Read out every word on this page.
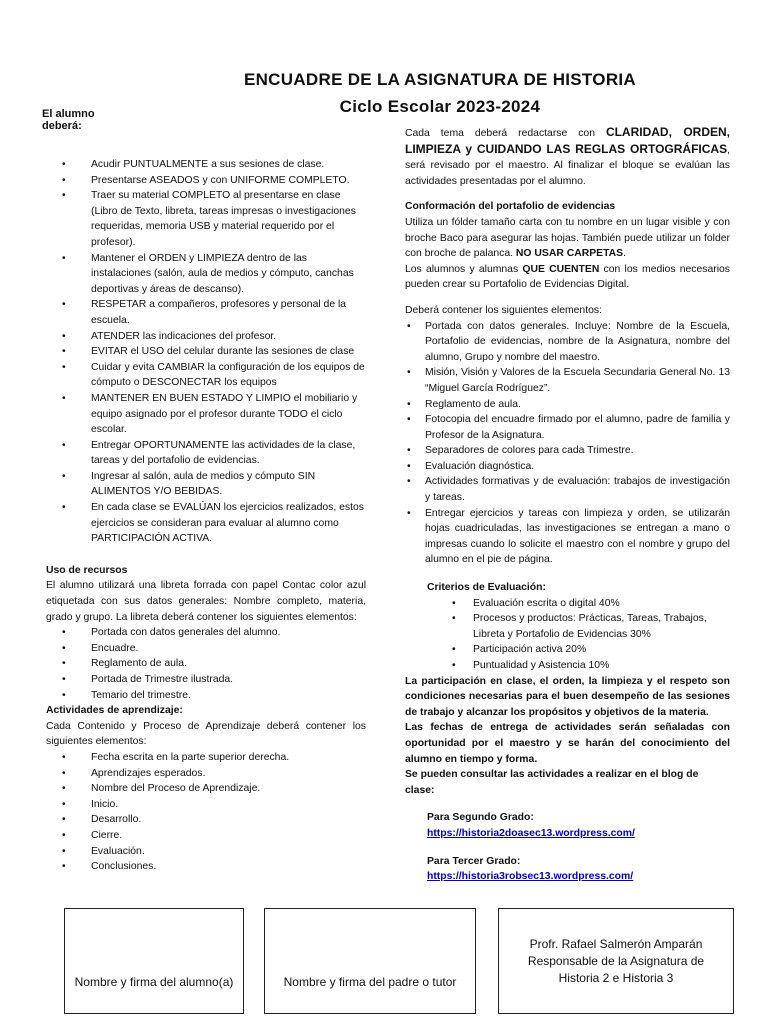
ENCUADRE DE LA ASIGNATURA DE HISTORIA
Ciclo Escolar 2023-2024
El alumno deberá:
• Acudir PUNTUALMENTE a sus sesiones de clase.
• Presentarse ASEADOS y con UNIFORME COMPLETO.
• Traer su material COMPLETO al presentarse en clase (Libro de Texto, libreta, tareas impresas o investigaciones requeridas, memoria USB y material requerido por el profesor).
• Mantener el ORDEN y LIMPIEZA dentro de las instalaciones (salón, aula de medios y cómputo, canchas deportivas y áreas de descanso).
• RESPETAR a compañeros, profesores y personal de la escuela.
• ATENDER las indicaciones del profesor.
• EVITAR el USO del celular durante las sesiones de clase
• Cuidar y evita CAMBIAR la configuración de los equipos de cómputo o DESCONECTAR los equipos
• MANTENER EN BUEN ESTADO Y LIMPIO el mobiliario y equipo asignado por el profesor durante TODO el ciclo escolar.
• Entregar OPORTUNAMENTE las actividades de la clase, tareas y del portafolio de evidencias.
• Ingresar al salón, aula de medios y cómputo SIN ALIMENTOS Y/O BEBIDAS.
• En cada clase se EVALÚAN los ejercicios realizados, estos ejercicios se consideran para evaluar al alumno como PARTICIPACIÓN ACTIVA.
Uso de recursos
El alumno utilizará una libreta forrada con papel Contac color azul etiquetada con sus datos generales: Nombre completo, materia, grado y grupo. La libreta deberá contener los siguientes elementos:
• Portada con datos generales del alumno.
• Encuadre.
• Reglamento de aula.
• Portada de Trimestre ilustrada.
• Temario del trimestre.
Actividades de aprendizaje:
Cada Contenido y Proceso de Aprendizaje deberá contener los siguientes elementos:
• Fecha escrita en la parte superior derecha.
• Aprendizajes esperados.
• Nombre del Proceso de Aprendizaje.
• Inicio.
• Desarrollo.
• Cierre.
• Evaluación.
• Conclusiones.
Cada tema deberá redactarse con CLARIDAD, ORDEN, LIMPIEZA y CUIDANDO LAS REGLAS ORTOGRÁFICAS, será revisado por el maestro. Al finalizar el bloque se evalúan las actividades presentadas por el alumno.
Conformación del portafolio de evidencias
Utiliza un fólder tamaño carta con tu nombre en un lugar visible y con broche Baco para asegurar las hojas. También puede utilizar un folder con broche de palanca. NO USAR CARPETAS.
Los alumnos y alumnas QUE CUENTEN con los medios necesarios pueden crear su Portafolio de Evidencias Digital.
Deberá contener los siguientes elementos:
• Portada con datos generales. Incluye: Nombre de la Escuela, Portafolio de evidencias, nombre de la Asignatura, nombre del alumno, Grupo y nombre del maestro.
• Misión, Visión y Valores de la Escuela Secundaria General No. 13 “Miguel García Rodríguez”.
• Reglamento de aula.
• Fotocopia del encuadre firmado por el alumno, padre de familia y Profesor de la Asignatura.
• Separadores de colores para cada Trimestre.
• Evaluación diagnóstica.
• Actividades formativas y de evaluación: trabajos de investigación y tareas.
• Entregar ejercicios y tareas con limpieza y orden, se utilizarán hojas cuadriculadas, las investigaciones se entregan a mano o impresas cuando lo solicite el maestro con el nombre y grupo del alumno en el pie de página.
Criterios de Evaluación:
• Evaluación escrita o digital 40%
• Procesos y productos: Prácticas, Tareas, Trabajos, Libreta y Portafolio de Evidencias 30%
• Participación activa 20%
• Puntualidad y Asistencia 10%
La participación en clase, el orden, la limpieza y el respeto son condiciones necesarias para el buen desempeño de las sesiones de trabajo y alcanzar los propósitos y objetivos de la materia.
Las fechas de entrega de actividades serán señaladas con oportunidad por el maestro y se harán del conocimiento del alumno en tiempo y forma.
Se pueden consultar las actividades a realizar en el blog de clase:
Para Segundo Grado:
https://historia2doasec13.wordpress.com/
Para Tercer Grado:
https://historia3robsec13.wordpress.com/
Nombre y firma del alumno(a)	Nombre y firma del padre o tutor
Profr. Rafael Salmerón Amparán
Responsable de la Asignatura de
Historia 2 e Historia 3
